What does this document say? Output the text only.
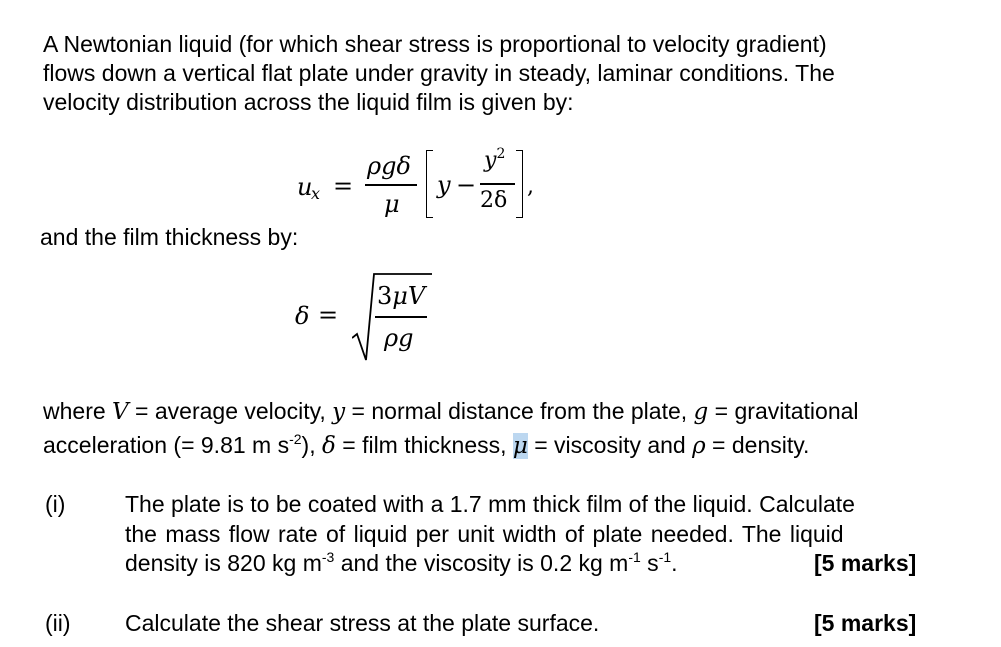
A Newtonian liquid (for which shear stress is proportional to velocity gradient)
flows down a vertical flat plate under gravity in steady, laminar conditions. The
velocity distribution across the liquid film is given by:
u
x =
ρgδ
μ
y −
$y^2$
2δ
,
and the film thickness by:
δ =
3μV
ρg
where V = average velocity, y = normal distance from the plate, g = gravitational
acceleration (= 9.81 m $s^{-2}$), δ = film thickness, μ = viscosity and ρ = density.
(i)	The plate is to be coated with a 1.7 mm thick film of the liquid. Calculate
the mass flow rate of liquid per unit width of plate needed. The liquid
density is 820 kg $m^{-3}$ and the viscosity is 0.2 kg $m^{-1}$ $s^{-1}$.	[5 marks]
(ii) Calculate the shear stress at the plate surface.	[5 marks]
